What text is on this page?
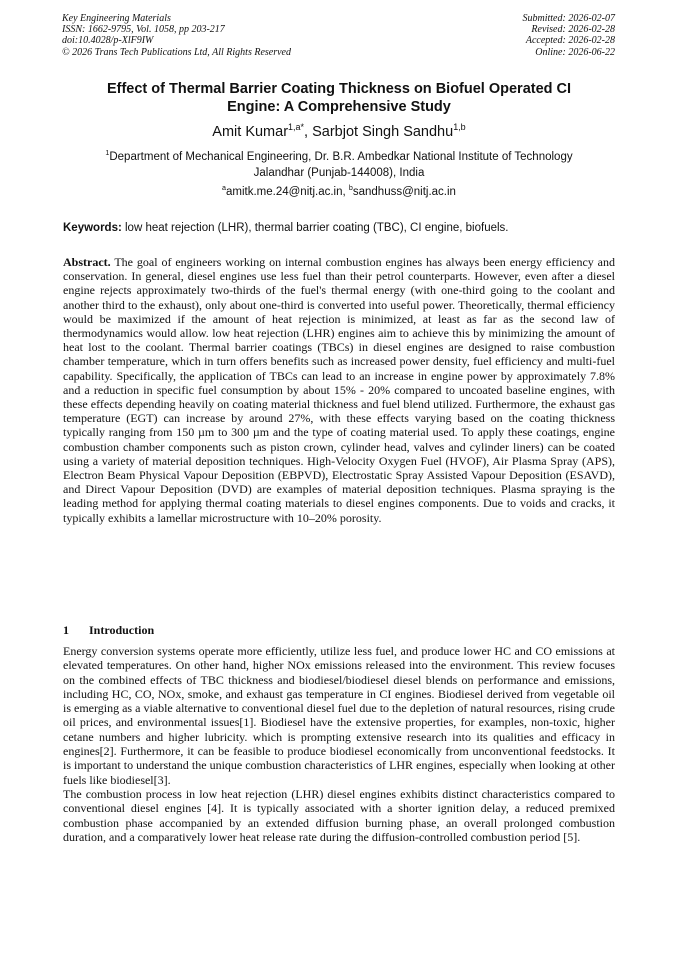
Key Engineering Materials
ISSN: 1662-9795, Vol. 1058, pp 203-217
doi:10.4028/p-XlF9IW
© 2026 Trans Tech Publications Ltd, All Rights Reserved
Submitted: 2026-02-07
Revised: 2026-02-28
Accepted: 2026-02-28
Online: 2026-06-22
Effect of Thermal Barrier Coating Thickness on Biofuel Operated CI
Engine: A Comprehensive Study
Amit Kumar$^{1,a*}$, Sarbjot Singh Sandhu$^{1,b}$
$^1$Department of Mechanical Engineering, Dr. B.R. Ambedkar National Institute of Technology
Jalandhar (Punjab-144008), India
$^a$amitk.me.24@nitj.ac.in, $^b$sandhuss@nitj.ac.in
Keywords: low heat rejection (LHR), thermal barrier coating (TBC), CI engine, biofuels.

Abstract. The goal of engineers working on internal combustion engines has always been energy efficiency and conservation. In general, diesel engines use less fuel than their petrol counterparts. However, even after a diesel engine rejects approximately two-thirds of the fuel's thermal energy (with one-third going to the coolant and another third to the exhaust), only about one-third is converted into useful power. Theoretically, thermal efficiency would be maximized if the amount of heat rejection is minimized, at least as far as the second law of thermodynamics would allow. low heat rejection (LHR) engines aim to achieve this by minimizing the amount of heat lost to the coolant. Thermal barrier coatings (TBCs) in diesel engines are designed to raise combustion chamber temperature, which in turn offers benefits such as increased power density, fuel efficiency and multi-fuel capability. Specifically, the application of TBCs can lead to an increase in engine power by approximately 7.8% and a reduction in specific fuel consumption by about 15% - 20% compared to uncoated baseline engines, with these effects depending heavily on coating material thickness and fuel blend utilized. Furthermore, the exhaust gas temperature (EGT) can increase by around 27%, with these effects varying based on the coating thickness typically ranging from 150 µm to 300 µm and the type of coating material used. To apply these coatings, engine combustion chamber components such as piston crown, cylinder head, valves and cylinder liners) can be coated using a variety of material deposition techniques. High-Velocity Oxygen Fuel (HVOF), Air Plasma Spray (APS), Electron Beam Physical Vapour Deposition (EBPVD), Electrostatic Spray Assisted Vapour Deposition (ESAVD), and Direct Vapour Deposition (DVD) are examples of material deposition techniques. Plasma spraying is the leading method for applying thermal coating materials to diesel engines components. Due to voids and cracks, it typically exhibits a lamellar microstructure with 10–20% porosity.

1 Introduction

Energy conversion systems operate more efficiently, utilize less fuel, and produce lower HC and CO emissions at elevated temperatures. On other hand, higher NOx emissions released into the environment. This review focuses on the combined effects of TBC thickness and biodiesel/biodiesel diesel blends on performance and emissions, including HC, CO, NOx, smoke, and exhaust gas temperature in CI engines. Biodiesel derived from vegetable oil is emerging as a viable alternative to conventional diesel fuel due to the depletion of natural resources, rising crude oil prices, and environmental issues[1]. Biodiesel have the extensive properties, for examples, non-toxic, higher cetane numbers and higher lubricity. which is prompting extensive research into its qualities and efficacy in engines[2]. Furthermore, it can be feasible to produce biodiesel economically from unconventional feedstocks. It is important to understand the unique combustion characteristics of LHR engines, especially when looking at other fuels like biodiesel[3].

The combustion process in low heat rejection (LHR) diesel engines exhibits distinct characteristics compared to conventional diesel engines [4]. It is typically associated with a shorter ignition delay, a reduced premixed combustion phase accompanied by an extended diffusion burning phase, an overall prolonged combustion duration, and a comparatively lower heat release rate during the diffusion-controlled combustion period [5].
